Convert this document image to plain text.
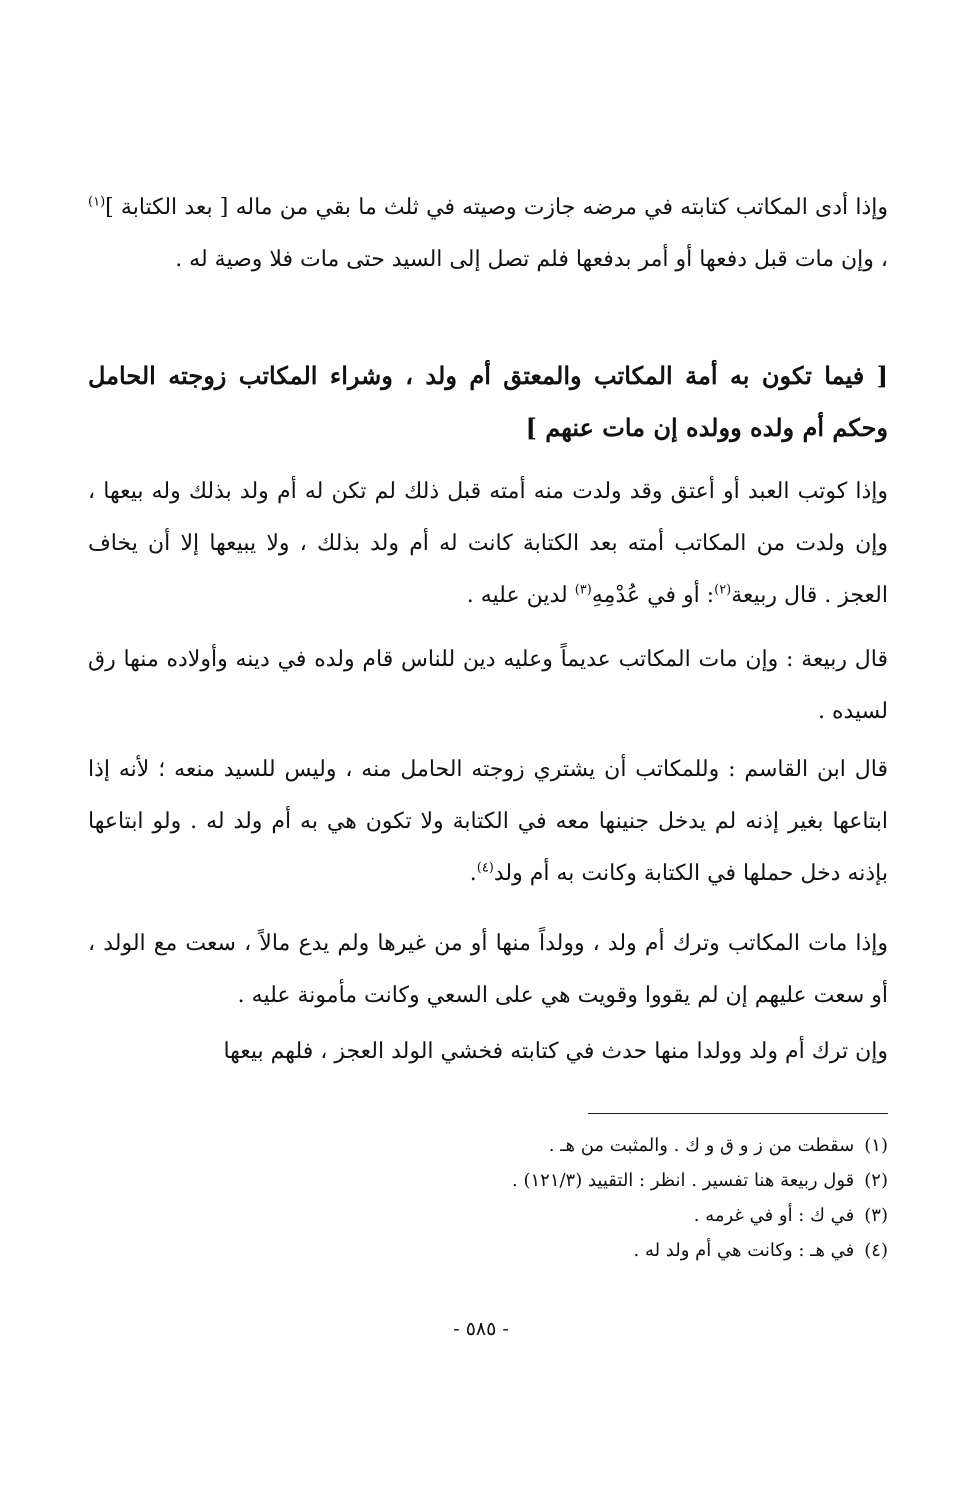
وإذا أدى المكاتب كتابته في مرضه جازت وصيته في ثلث ما بقي من ماله [ بعد الكتابة ]$^{(١)}$ ، وإن مات قبل دفعها أو أمر بدفعها فلم تصل إلى السيد حتى مات فلا وصية له .

[ فيما تكون به أمة المكاتب والمعتق أم ولد ، وشراء المكاتب زوجته الحامل وحكم أم ولده وولده إن مات عنهم ]

وإذا كوتب العبد أو أعتق وقد ولدت منه أمته قبل ذلك لم تكن له أم ولد بذلك وله بيعها ، وإن ولدت من المكاتب أمته بعد الكتابة كانت له أم ولد بذلك ، ولا يبيعها إلا أن يخاف العجز . قال ربيعة$^{(٢)}$: أو في عُدْمِهِ$^{(٣)}$ لدين عليه .

قال ربيعة : وإن مات المكاتب عديماً وعليه دين للناس قام ولده في دينه وأولاده منها رق لسيده .

قال ابن القاسم : وللمكاتب أن يشتري زوجته الحامل منه ، وليس للسيد منعه ؛ لأنه إذا ابتاعها بغير إذنه لم يدخل جنينها معه في الكتابة ولا تكون هي به أم ولد له . ولو ابتاعها بإذنه دخل حملها في الكتابة وكانت به أم ولد$^{(٤)}$.

وإذا مات المكاتب وترك أم ولد ، وولداً منها أو من غيرها ولم يدع مالاً ، سعت مع الولد ، أو سعت عليهم إن لم يقووا وقويت هي على السعي وكانت مأمونة عليه .

وإن ترك أم ولد وولدا منها حدث في كتابته فخشي الولد العجز ، فلهم بيعها

(١)سقطت من ز و ق و ك . والمثبت من هـ .

(٢)قول ربيعة هنا تفسير . انظر : التقييد (١٢١/٣) .

(٣)في ك : أو في غرمه .

(٤)في هـ : وكانت هي أم ولد له .

- ٥٨٥ -
